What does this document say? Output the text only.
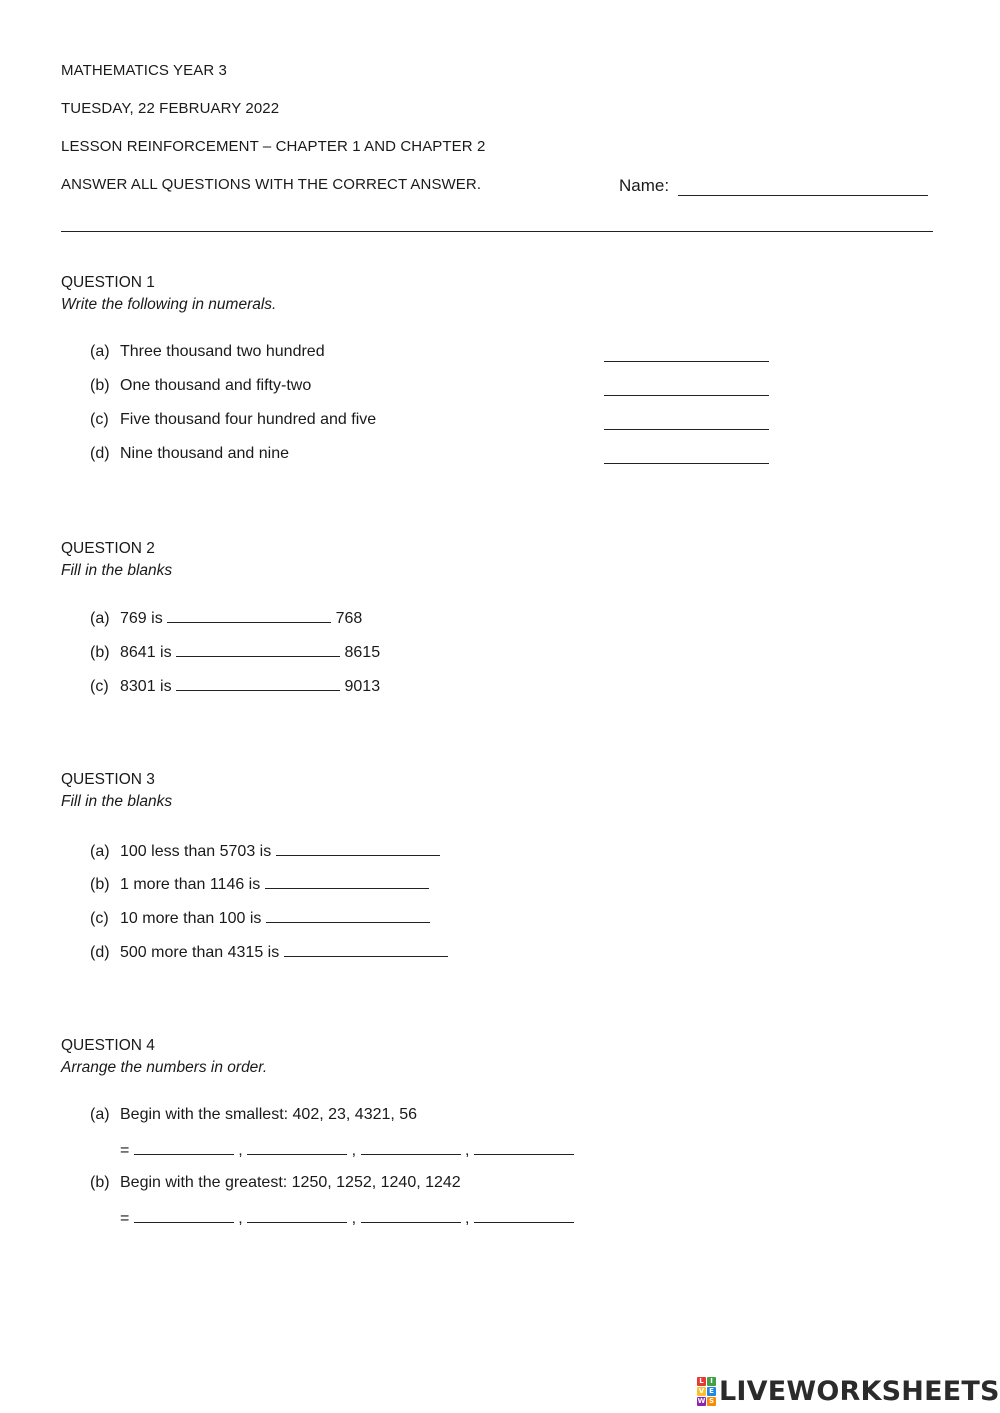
MATHEMATICS YEAR 3
TUESDAY, 22 FEBRUARY 2022
LESSON REINFORCEMENT – CHAPTER 1 AND CHAPTER 2
ANSWER ALL QUESTIONS WITH THE CORRECT ANSWER.	Name:
QUESTION 1
Write the following in numerals.
(a) Three thousand two hundred
(b) One thousand and fifty-two
(c) Five thousand four hundred and five
(d) Nine thousand and nine
QUESTION 2
Fill in the blanks
(a) 769 is	768
(b) 8641 is	8615
(c) 8301 is	9013
QUESTION 3
Fill in the blanks
(a) 100 less than 5703 is
(b) 1 more than 1146 is
(c) 10 more than 100 is
(d) 500 more than 4315 is
QUESTION 4
Arrange the numbers in order.
(a) Begin with the smallest: 402, 23, 4321, 56
=	,	,	,
(b) Begin with the greatest: 1250, 1252, 1240, 1242
=	,	,	,
L I
V E
W S LIVEWORKSHEETS
